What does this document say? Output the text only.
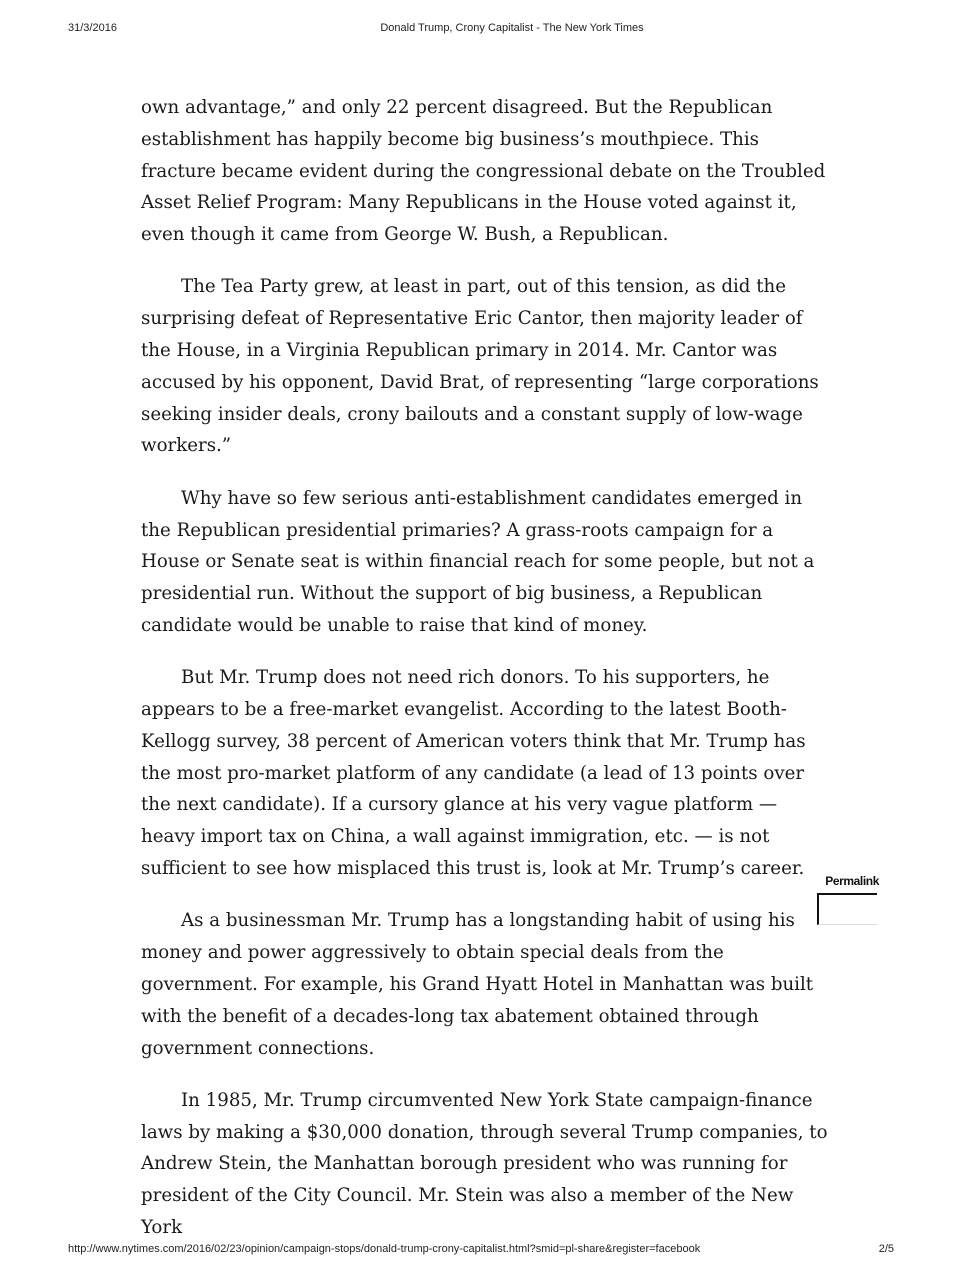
31/3/2016	Donald Trump, Crony Capitalist - The New York Times

own advantage,” and only 22 percent disagreed. But the Republican establishment has happily become big business’s mouthpiece. This fracture became evident during the congressional debate on the Troubled Asset Relief Program: Many Republicans in the House voted against it, even though it came from George W. Bush, a Republican.

The Tea Party grew, at least in part, out of this tension, as did the surprising defeat of Representative Eric Cantor, then majority leader of the House, in a Virginia Republican primary in 2014. Mr. Cantor was accused by his opponent, David Brat, of representing “large corporations seeking insider deals, crony bailouts and a constant supply of low-wage workers.”

Why have so few serious anti-establishment candidates emerged in the Republican presidential primaries? A grass-roots campaign for a House or Senate seat is within financial reach for some people, but not a presidential run. Without the support of big business, a Republican candidate would be unable to raise that kind of money.

But Mr. Trump does not need rich donors. To his supporters, he appears to be a free-market evangelist. According to the latest Booth-Kellogg survey, 38 percent of American voters think that Mr. Trump has the most pro-market platform of any candidate (a lead of 13 points over the next candidate). If a cursory glance at his very vague platform — heavy import tax on China, a wall against immigration, etc. — is not sufficient to see how misplaced this trust is, look at Mr. Trump’s career.

As a businessman Mr. Trump has a longstanding habit of using his money and power aggressively to obtain special deals from the government. For example, his Grand Hyatt Hotel in Manhattan was built with the benefit of a decades-long tax abatement obtained through government connections.

In 1985, Mr. Trump circumvented New York State campaign-finance laws by making a $30,000 donation, through several Trump companies, to Andrew Stein, the Manhattan borough president who was running for president of the City Council. Mr. Stein was also a member of the New York

Permalink
http://www.nytimes.com/2016/02/23/opinion/campaign-stops/donald-trump-crony-capitalist.html?smid=pl-share&register=facebook	2/5
